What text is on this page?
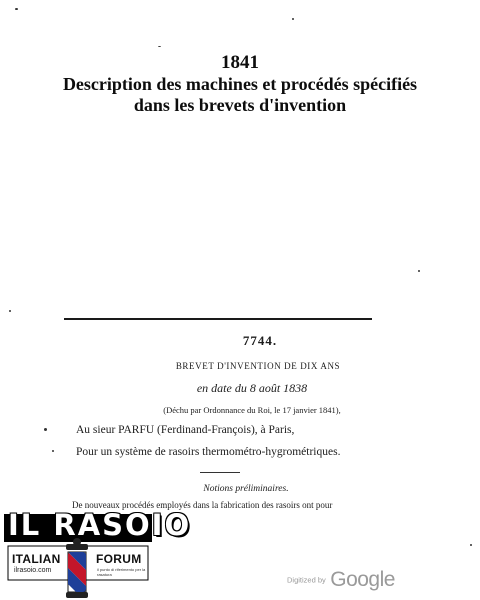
1841
Description des machines et procédés spécifiés
dans les brevets d'invention
7744.
BREVET D'INVENTION DE DIX ANS
en date du 8 août 1838
(Déchu par Ordonnance du Roi, le 17 janvier 1841),
Au sieur PARFU (Ferdinand-François), à Paris,
Pour un système de rasoirs thermométro-hygrométriques.
Notions préliminaires.
De nouveaux procédés employés dans la fabrication des rasoirs ont pour
Digitized by Google
IL RASOIO
ITALIAN	FORUM
ilrasoio.com	il punto di riferimento per la rasatura
